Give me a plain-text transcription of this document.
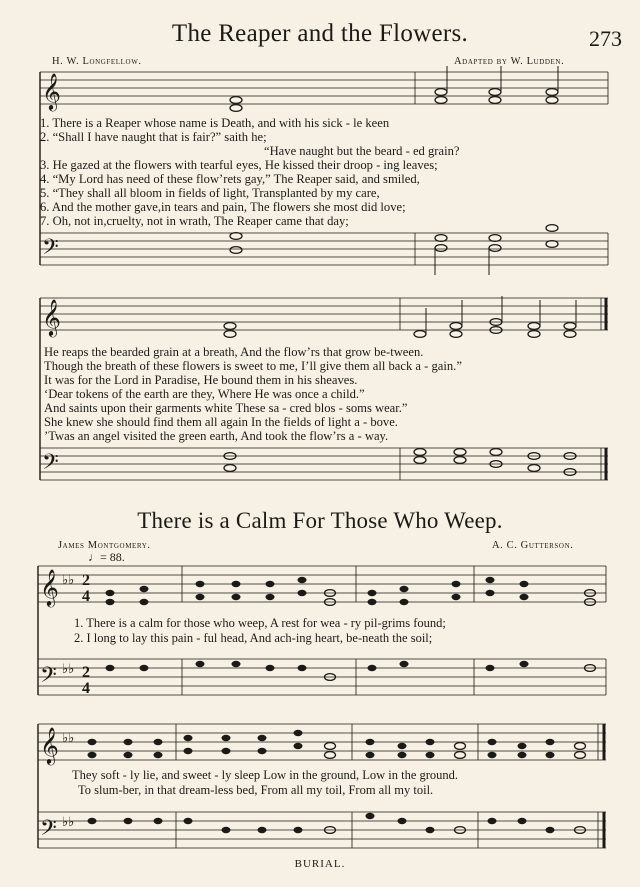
The Reaper and the Flowers.	273
H. W. Longfellow.	Adapted by W. Ludden.
𝄞
𝄢
1. There is a Reaper whose name is Death, and with his sick - le keen
2. “Shall I have naught that is fair?” saith he;
“Have naught but the beard - ed grain?
3. He gazed at the flowers with tearful eyes, He kissed their droop - ing leaves;
4. “My Lord has need of these flow’rets gay,” The Reaper said, and smiled,
5. “They shall all bloom in fields of light, Transplanted by my care,
6. And the mother gave,in tears and pain, The flowers she most did love;
7. Oh, not in,cruelty, not in wrath, The Reaper came that day;
𝄞
𝄢
He reaps the bearded grain at a breath, And the flow’rs that grow be-tween.
Though the breath of these flowers is sweet to me, I’ll give them all back a - gain.”
It was for the Lord in Paradise, He bound them in his sheaves.
‘Dear tokens of the earth are they, Where He was once a child.”
And saints upon their garments white These sa - cred blos - soms wear.”
She knew she should find them all again In the fields of light a - bove.
’Twas an angel visited the green earth, And took the flow’rs a - way.
There is a Calm For Those Who Weep.
James Montgomery.	A. C. Gutterson.
♩= 88.
𝄞
𝄢
♭♭
♭♭
2
4
2
4
1. There is a calm for those who weep, A rest for wea - ry pil-grims found;
2. I long to lay this pain - ful head, And ach-ing heart, be-neath the soil;
𝄞
𝄢
♭♭
♭♭
They soft - ly lie, and sweet - ly sleep Low in the ground, Low in the ground.
To slum-ber, in that dream-less bed, From all my toil, From all my toil.
BURIAL.
